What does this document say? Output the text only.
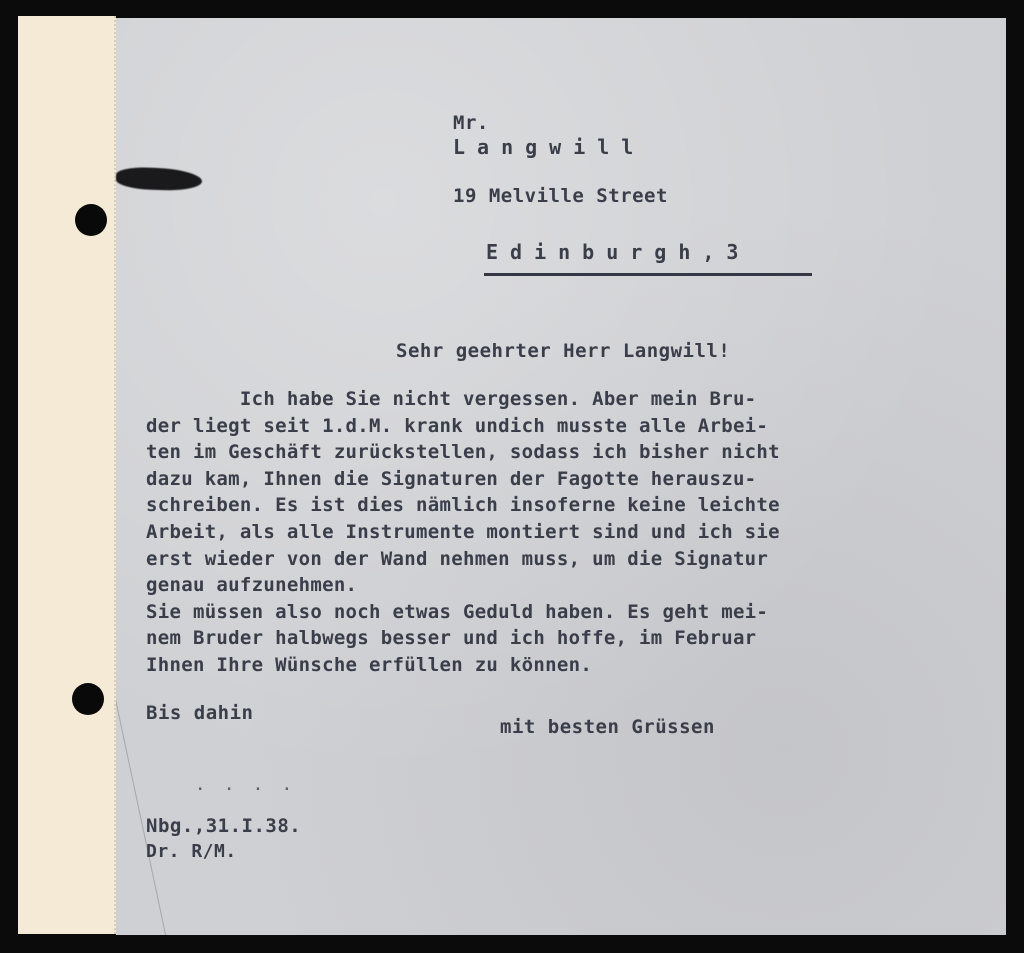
Mr.
Langwill
19 Melville Street
Edinburgh,3
Sehr geehrter Herr Langwill!
Ich habe Sie nicht vergessen. Aber mein Bru-
der liegt seit 1.d.M. krank undich musste alle Arbei-
ten im Geschäft zurückstellen, sodass ich bisher nicht
dazu kam, Ihnen die Signaturen der Fagotte herauszu-
schreiben. Es ist dies nämlich insoferne keine leichte
Arbeit, als alle Instrumente montiert sind und ich sie
erst wieder von der Wand nehmen muss, um die Signatur
genau aufzunehmen.
Sie müssen also noch etwas Geduld haben. Es geht mei-
nem Bruder halbwegs besser und ich hoffe, im Februar
Ihnen Ihre Wünsche erfüllen zu können.
Bis dahin
mit besten Grüssen
. . . .
Nbg.,31.I.38.
Dr. R/M.
